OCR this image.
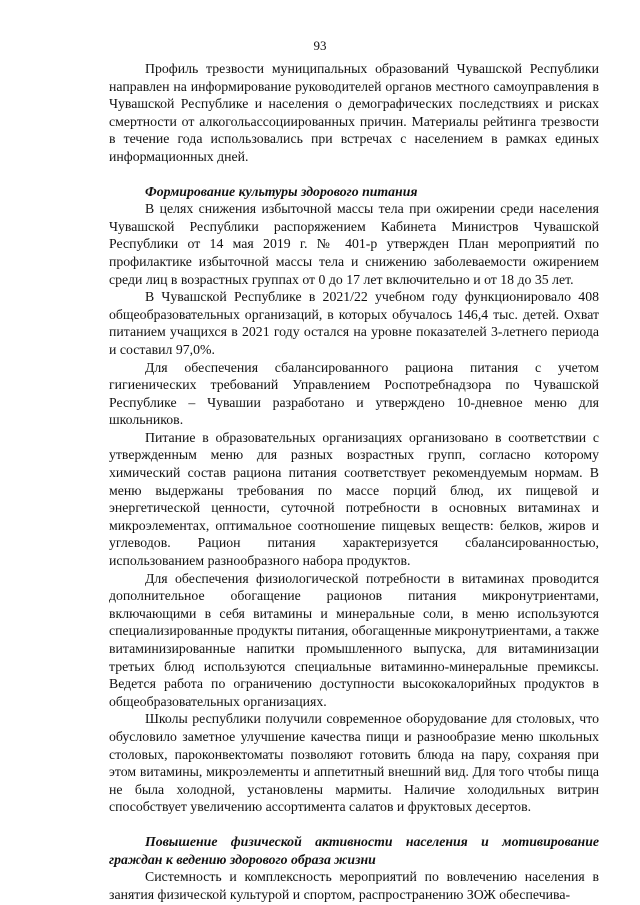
93

Профиль трезвости муниципальных образований Чувашской Республики направлен на информирование руководителей органов местного самоуправления в Чувашской Республике и населения о демографических последствиях и рисках смертности от алкогольассоциированных причин. Материалы рейтинга трезвости в течение года использовались при встречах с населением в рамках единых информационных дней.

Формирование культуры здорового питания

В целях снижения избыточной массы тела при ожирении среди населения Чувашской Республики распоряжением Кабинета Министров Чувашской Республики от 14 мая 2019 г. № 401-р утвержден План мероприятий по профилактике избыточной массы тела и снижению заболеваемости ожирением среди лиц в возрастных группах от 0 до 17 лет включительно и от 18 до 35 лет.

В Чувашской Республике в 2021/22 учебном году функционировало 408 общеобразовательных организаций, в которых обучалось 146,4 тыс. детей. Охват питанием учащихся в 2021 году остался на уровне показателей 3-летнего периода и составил 97,0%.

Для обеспечения сбалансированного рациона питания с учетом гигиенических требований Управлением Роспотребнадзора по Чувашской Республике – Чувашии разработано и утверждено 10-дневное меню для школьников.

Питание в образовательных организациях организовано в соответствии с утвержденным меню для разных возрастных групп, согласно которому химический состав рациона питания соответствует рекомендуемым нормам. В меню выдержаны требования по массе порций блюд, их пищевой и энергетической ценности, суточной потребности в основных витаминах и микроэлементах, оптимальное соотношение пищевых веществ: белков, жиров и углеводов. Рацион питания характеризуется сбалансированностью, использованием разнообразного набора продуктов.

Для обеспечения физиологической потребности в витаминах проводится дополнительное обогащение рационов питания микронутриентами, включающими в себя витамины и минеральные соли, в меню используются специализированные продукты питания, обогащенные микронутриентами, а также витаминизированные напитки промышленного выпуска, для витаминизации третьих блюд используются специальные витаминно-минеральные премиксы. Ведется работа по ограничению доступности высококалорийных продуктов в общеобразовательных организациях.

Школы республики получили современное оборудование для столовых, что обусловило заметное улучшение качества пищи и разнообразие меню школьных столовых, пароконвектоматы позволяют готовить блюда на пару, сохраняя при этом витамины, микроэлементы и аппетитный внешний вид. Для того чтобы пища не была холодной, установлены мармиты. Наличие холодильных витрин способствует увеличению ассортимента салатов и фруктовых десертов.

Повышение физической активности населения и мотивирование граждан к ведению здорового образа жизни

Системность и комплексность мероприятий по вовлечению населения в занятия физической культурой и спортом, распространению ЗОЖ обеспечива-
